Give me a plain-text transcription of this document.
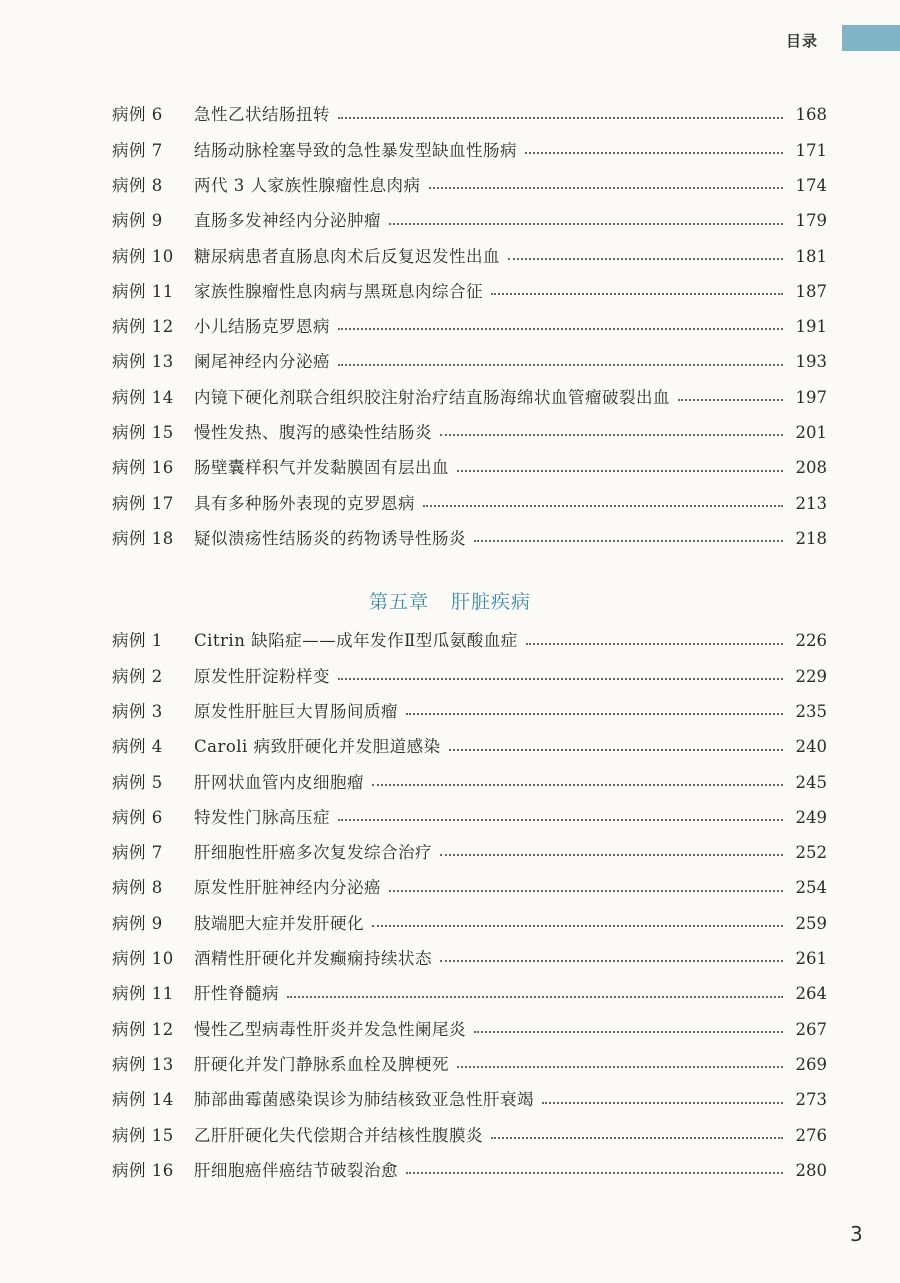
目录
病例 6	急性乙状结肠扭转	168
病例 7	结肠动脉栓塞导致的急性暴发型缺血性肠病	171
病例 8	两代 3 人家族性腺瘤性息肉病	174
病例 9	直肠多发神经内分泌肿瘤	179
病例 10	糖尿病患者直肠息肉术后反复迟发性出血	181
病例 11	家族性腺瘤性息肉病与黑斑息肉综合征	187
病例 12	小儿结肠克罗恩病	191
病例 13	阑尾神经内分泌癌	193
病例 14	内镜下硬化剂联合组织胶注射治疗结直肠海绵状血管瘤破裂出血	197
病例 15	慢性发热、腹泻的感染性结肠炎	201
病例 16	肠壁囊样积气并发黏膜固有层出血	208
病例 17	具有多种肠外表现的克罗恩病	213
病例 18	疑似溃疡性结肠炎的药物诱导性肠炎	218
第五章 肝脏疾病
病例 1	Citrin 缺陷症——成年发作Ⅱ型瓜氨酸血症	226
病例 2	原发性肝淀粉样变	229
病例 3	原发性肝脏巨大胃肠间质瘤	235
病例 4	Caroli 病致肝硬化并发胆道感染	240
病例 5	肝网状血管内皮细胞瘤	245
病例 6	特发性门脉高压症	249
病例 7	肝细胞性肝癌多次复发综合治疗	252
病例 8	原发性肝脏神经内分泌癌	254
病例 9	肢端肥大症并发肝硬化	259
病例 10	酒精性肝硬化并发癫痫持续状态	261
病例 11	肝性脊髓病	264
病例 12	慢性乙型病毒性肝炎并发急性阑尾炎	267
病例 13	肝硬化并发门静脉系血栓及脾梗死	269
病例 14	肺部曲霉菌感染误诊为肺结核致亚急性肝衰竭	273
病例 15	乙肝肝硬化失代偿期合并结核性腹膜炎	276
病例 16	肝细胞癌伴癌结节破裂治愈	280
3
